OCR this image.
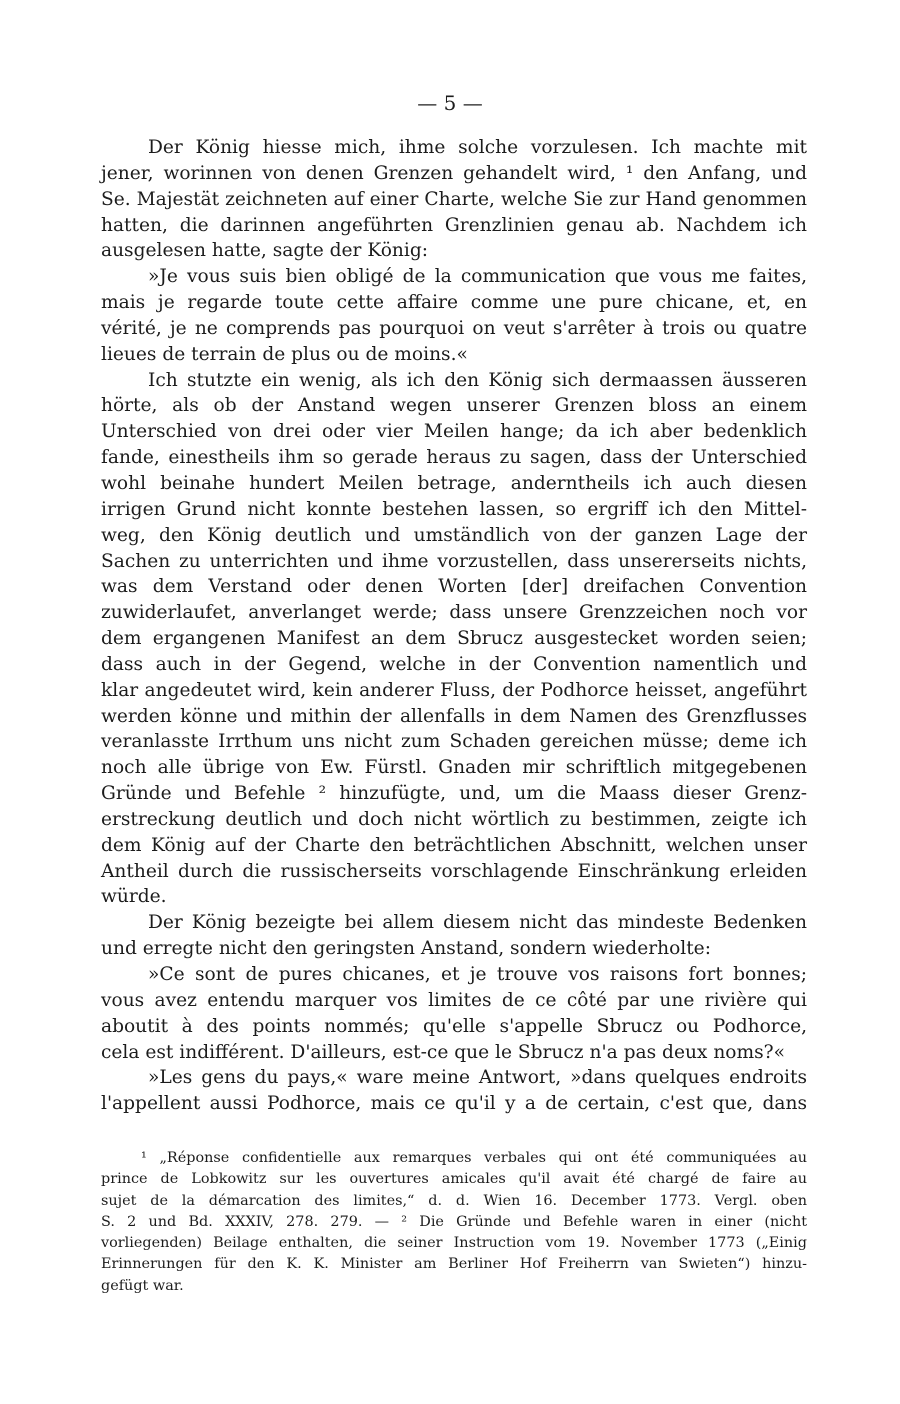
— 5 —
Der König hiesse mich, ihme solche vorzulesen. Ich machte mit
jener, worinnen von denen Grenzen gehandelt wird, ¹ den Anfang, und
Se. Majestät zeichneten auf einer Charte, welche Sie zur Hand genommen
hatten, die darinnen angeführten Grenzlinien genau ab. Nachdem ich
ausgelesen hatte, sagte der König:
»Je vous suis bien obligé de la communication que vous me faites,
mais je regarde toute cette affaire comme une pure chicane, et, en
vérité, je ne comprends pas pourquoi on veut s'arrêter à trois ou quatre
lieues de terrain de plus ou de moins.«
Ich stutzte ein wenig, als ich den König sich dermaassen äusseren
hörte, als ob der Anstand wegen unserer Grenzen bloss an einem
Unterschied von drei oder vier Meilen hange; da ich aber bedenklich
fande, einestheils ihm so gerade heraus zu sagen, dass der Unterschied
wohl beinahe hundert Meilen betrage, anderntheils ich auch diesen
irrigen Grund nicht konnte bestehen lassen, so ergriff ich den Mittel-
weg, den König deutlich und umständlich von der ganzen Lage der
Sachen zu unterrichten und ihme vorzustellen, dass unsererseits nichts,
was dem Verstand oder denen Worten [der] dreifachen Convention
zuwiderlaufet, anverlanget werde; dass unsere Grenzzeichen noch vor
dem ergangenen Manifest an dem Sbrucz ausgestecket worden seien;
dass auch in der Gegend, welche in der Convention namentlich und
klar angedeutet wird, kein anderer Fluss, der Podhorce heisset, angeführt
werden könne und mithin der allenfalls in dem Namen des Grenzflusses
veranlasste Irrthum uns nicht zum Schaden gereichen müsse; deme ich
noch alle übrige von Ew. Fürstl. Gnaden mir schriftlich mitgegebenen
Gründe und Befehle ² hinzufügte, und, um die Maass dieser Grenz-
erstreckung deutlich und doch nicht wörtlich zu bestimmen, zeigte ich
dem König auf der Charte den beträchtlichen Abschnitt, welchen unser
Antheil durch die russischerseits vorschlagende Einschränkung erleiden
würde.
Der König bezeigte bei allem diesem nicht das mindeste Bedenken
und erregte nicht den geringsten Anstand, sondern wiederholte:
»Ce sont de pures chicanes, et je trouve vos raisons fort bonnes;
vous avez entendu marquer vos limites de ce côté par une rivière qui
aboutit à des points nommés; qu'elle s'appelle Sbrucz ou Podhorce,
cela est indifférent. D'ailleurs, est-ce que le Sbrucz n'a pas deux noms?«
»Les gens du pays,« ware meine Antwort, »dans quelques endroits
l'appellent aussi Podhorce, mais ce qu'il y a de certain, c'est que, dans
¹ „Réponse confidentielle aux remarques verbales qui ont été communiquées au
prince de Lobkowitz sur les ouvertures amicales qu'il avait été chargé de faire au
sujet de la démarcation des limites,“ d. d. Wien 16. December 1773. Vergl. oben
S. 2 und Bd. XXXIV, 278. 279. — ² Die Gründe und Befehle waren in einer (nicht
vorliegenden) Beilage enthalten, die seiner Instruction vom 19. November 1773 („Einig
Erinnerungen für den K. K. Minister am Berliner Hof Freiherrn van Swieten“) hinzu-
gefügt war.
